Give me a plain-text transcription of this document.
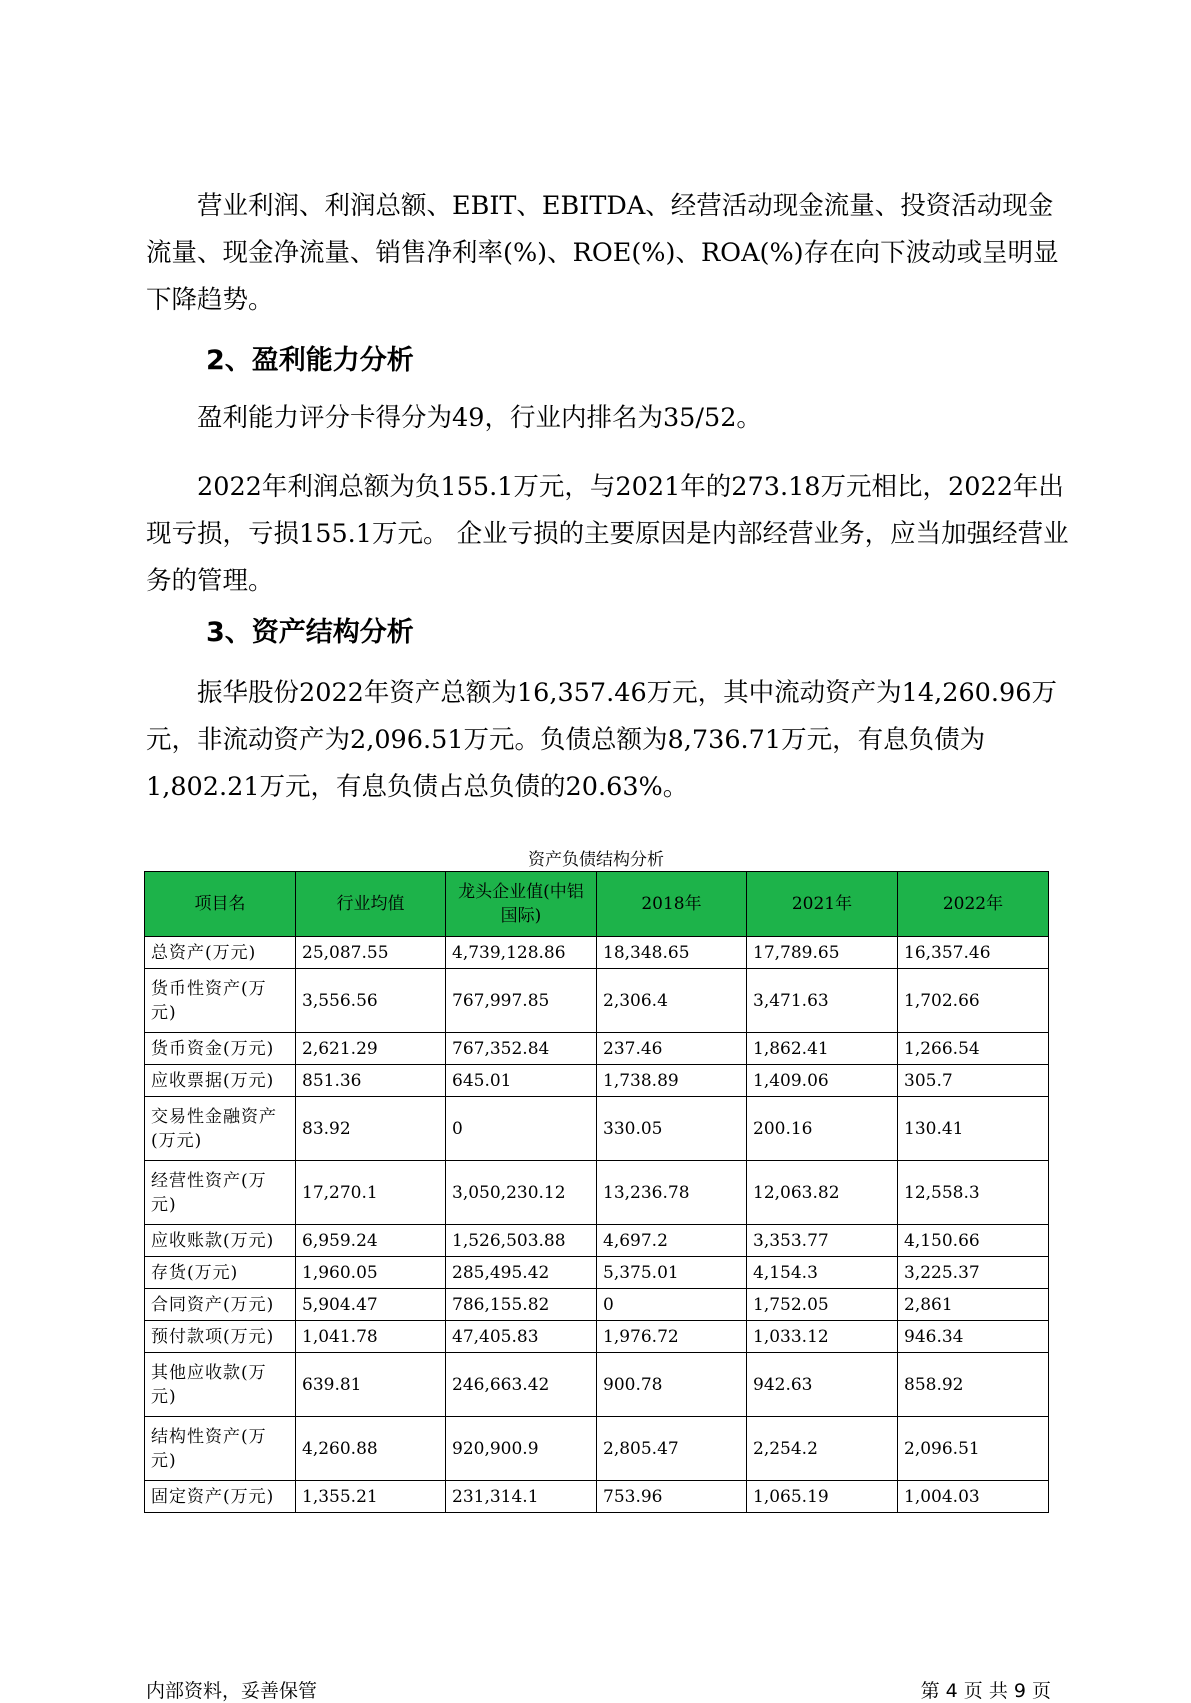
　　营业利润、利润总额、EBIT、EBITDA、经营活动现金流量、投资活动现金流量、现金净流量、销售净利率(%)、ROE(%)、ROA(%)存在向下波动或呈明显下降趋势。

2、盈利能力分析

　　盈利能力评分卡得分为49，行业内排名为35/52。

　　2022年利润总额为负155.1万元，与2021年的273.18万元相比，2022年出现亏损，亏损155.1万元。 企业亏损的主要原因是内部经营业务，应当加强经营业务的管理。

3、资产结构分析

　　振华股份2022年资产总额为16,357.46万元，其中流动资产为14,260.96万元，非流动资产为2,096.51万元。负债总额为8,736.71万元，有息负债为1,802.21万元，有息负债占总负债的20.63%。

资产负债结构分析
项目名	行业均值	龙头企业值(中铝国际)	2018年	2021年	2022年
总资产(万元)	25,087.55	4,739,128.86	18,348.65	17,789.65	16,357.46
货币性资产(万元)	3,556.56	767,997.85	2,306.4	3,471.63	1,702.66
货币资金(万元)	2,621.29	767,352.84	237.46	1,862.41	1,266.54
应收票据(万元)	851.36	645.01	1,738.89	1,409.06	305.7
交易性金融资产(万元)	83.92	0	330.05	200.16	130.41
经营性资产(万元)	17,270.1	3,050,230.12	13,236.78	12,063.82	12,558.3
应收账款(万元)	6,959.24	1,526,503.88	4,697.2	3,353.77	4,150.66
存货(万元)	1,960.05	285,495.42	5,375.01	4,154.3	3,225.37
合同资产(万元)	5,904.47	786,155.82	0	1,752.05	2,861
预付款项(万元)	1,041.78	47,405.83	1,976.72	1,033.12	946.34
其他应收款(万元)	639.81	246,663.42	900.78	942.63	858.92
结构性资产(万元)	4,260.88	920,900.9	2,805.47	2,254.2	2,096.51
固定资产(万元)	1,355.21	231,314.1	753.96	1,065.19	1,004.03
内部资料，妥善保管	第 4 页 共 9 页
